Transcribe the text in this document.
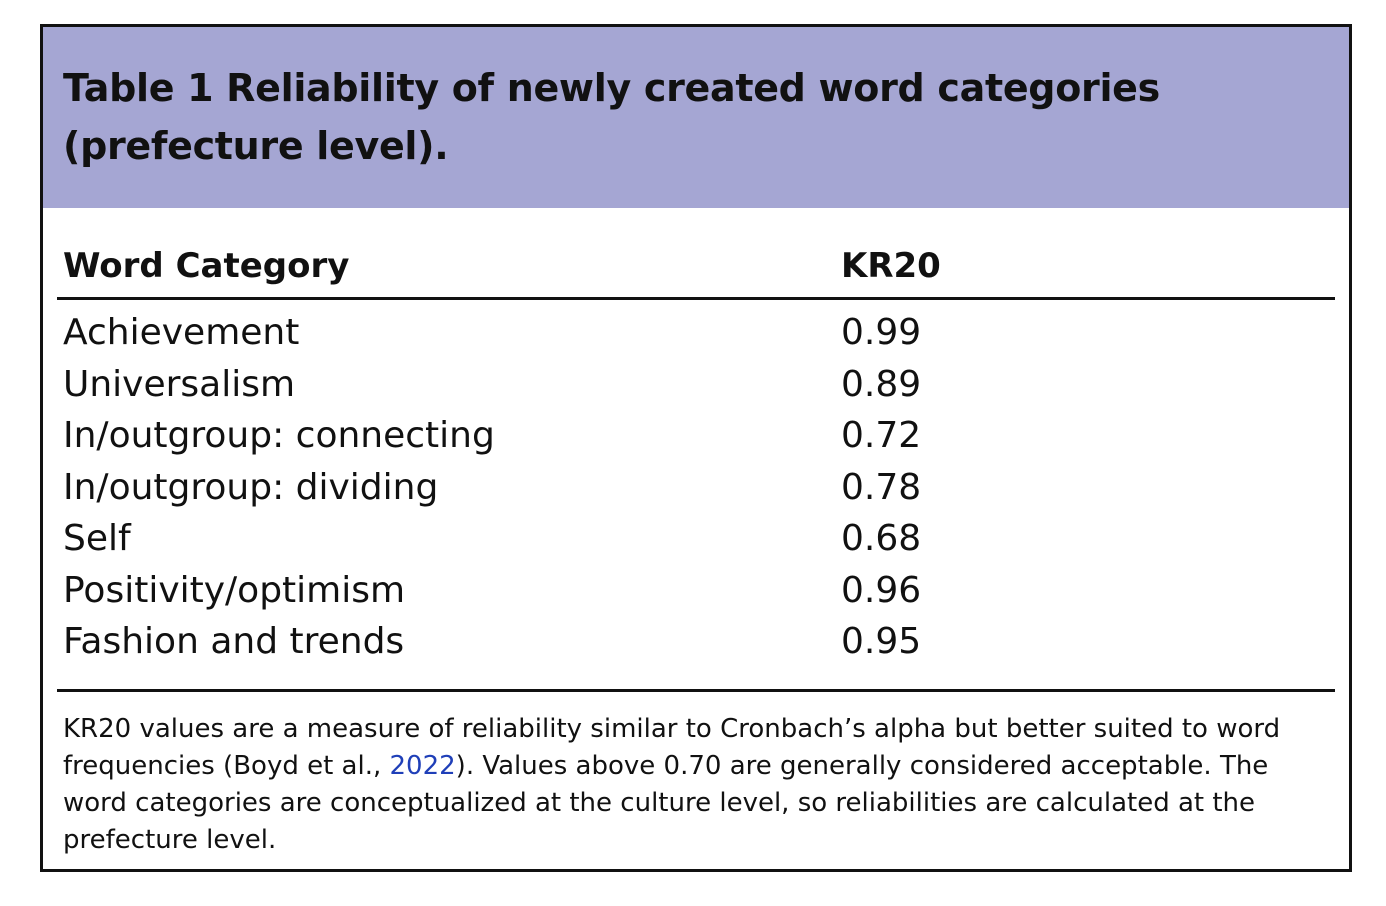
Table 1 Reliability of newly created word categories (prefecture level).
Word Category	KR20
Achievement	0.99
Universalism	0.89
In/outgroup: connecting	0.72
In/outgroup: dividing	0.78
Self	0.68
Positivity/optimism	0.96
Fashion and trends	0.95

KR20 values are a measure of reliability similar to Cronbach’s alpha but better suited to word frequencies (Boyd et al., 2022). Values above 0.70 are generally considered acceptable. The word categories are conceptualized at the culture level, so reliabilities are calculated at the prefecture level.
